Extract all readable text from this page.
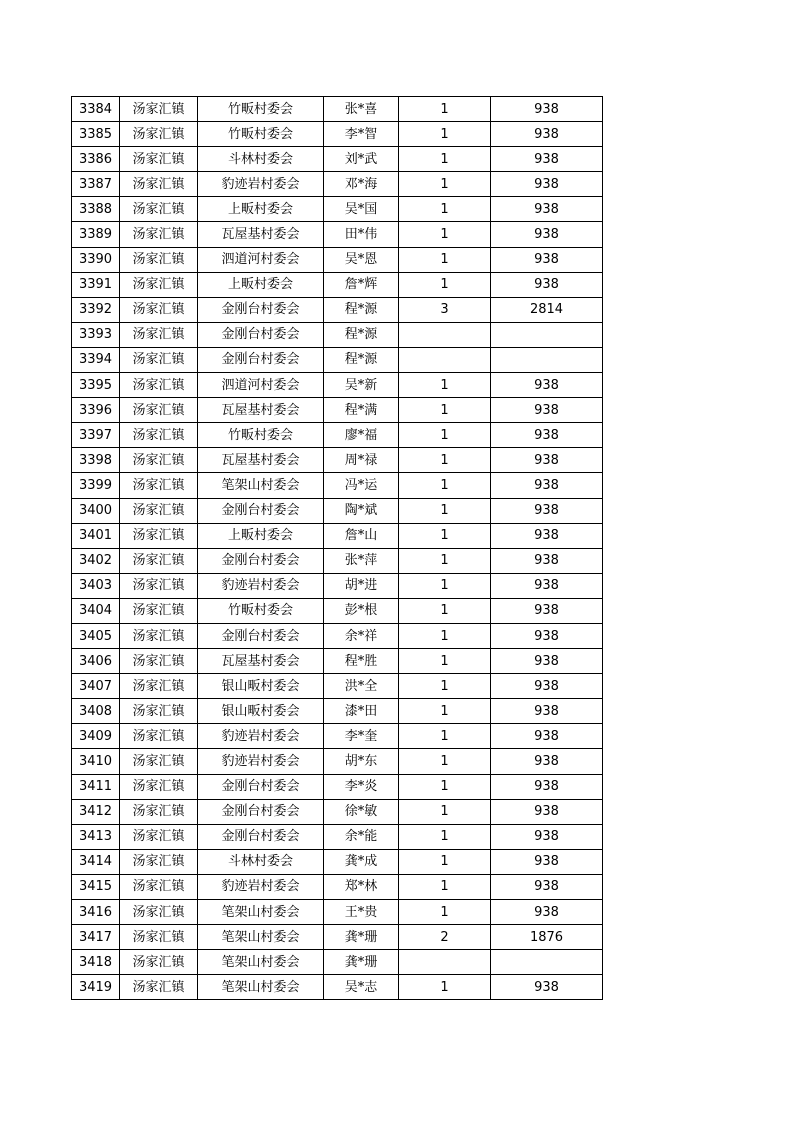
3384	汤家汇镇	竹畈村委会	张*喜	1	938
3385	汤家汇镇	竹畈村委会	李*智	1	938
3386	汤家汇镇	斗林村委会	刘*武	1	938
3387	汤家汇镇	豹迹岩村委会	邓*海	1	938
3388	汤家汇镇	上畈村委会	吴*国	1	938
3389	汤家汇镇	瓦屋基村委会	田*伟	1	938
3390	汤家汇镇	泗道河村委会	吴*恩	1	938
3391	汤家汇镇	上畈村委会	詹*辉	1	938
3392	汤家汇镇	金刚台村委会	程*源	3	2814
3393	汤家汇镇	金刚台村委会	程*源		
3394	汤家汇镇	金刚台村委会	程*源		
3395	汤家汇镇	泗道河村委会	吴*新	1	938
3396	汤家汇镇	瓦屋基村委会	程*满	1	938
3397	汤家汇镇	竹畈村委会	廖*福	1	938
3398	汤家汇镇	瓦屋基村委会	周*禄	1	938
3399	汤家汇镇	笔架山村委会	冯*运	1	938
3400	汤家汇镇	金刚台村委会	陶*斌	1	938
3401	汤家汇镇	上畈村委会	詹*山	1	938
3402	汤家汇镇	金刚台村委会	张*萍	1	938
3403	汤家汇镇	豹迹岩村委会	胡*进	1	938
3404	汤家汇镇	竹畈村委会	彭*根	1	938
3405	汤家汇镇	金刚台村委会	余*祥	1	938
3406	汤家汇镇	瓦屋基村委会	程*胜	1	938
3407	汤家汇镇	银山畈村委会	洪*全	1	938
3408	汤家汇镇	银山畈村委会	漆*田	1	938
3409	汤家汇镇	豹迹岩村委会	李*奎	1	938
3410	汤家汇镇	豹迹岩村委会	胡*东	1	938
3411	汤家汇镇	金刚台村委会	李*炎	1	938
3412	汤家汇镇	金刚台村委会	徐*敏	1	938
3413	汤家汇镇	金刚台村委会	余*能	1	938
3414	汤家汇镇	斗林村委会	龚*成	1	938
3415	汤家汇镇	豹迹岩村委会	郑*林	1	938
3416	汤家汇镇	笔架山村委会	王*贵	1	938
3417	汤家汇镇	笔架山村委会	龚*珊	2	1876
3418	汤家汇镇	笔架山村委会	龚*珊		
3419	汤家汇镇	笔架山村委会	吴*志	1	938
